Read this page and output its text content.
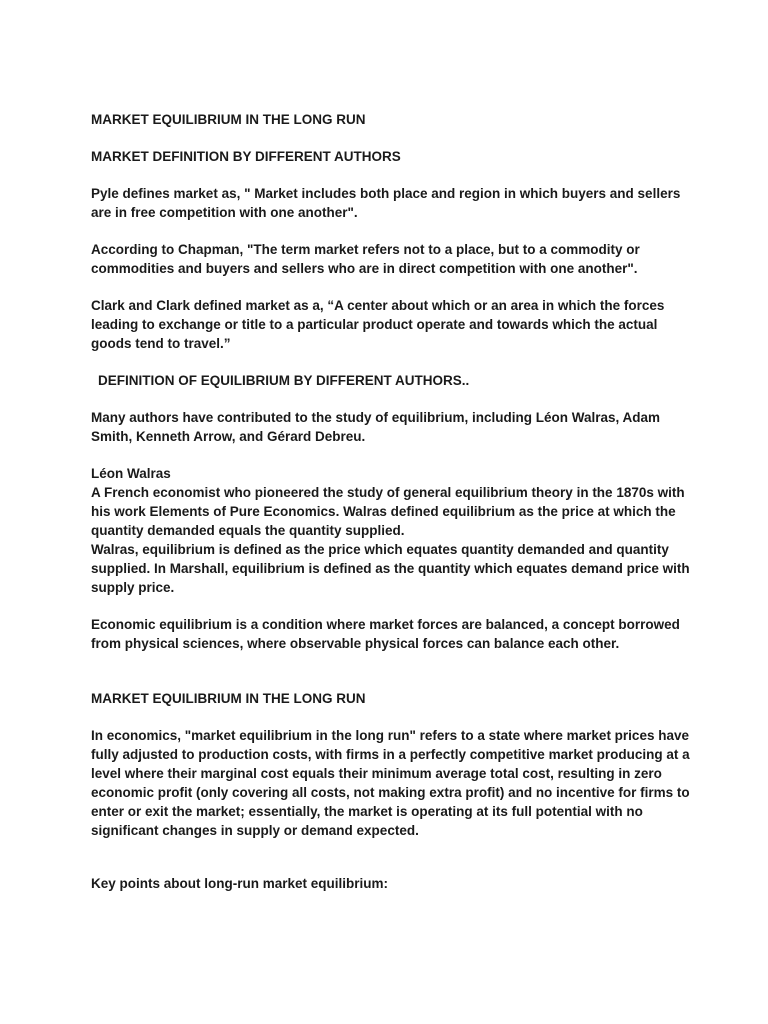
MARKET EQUILIBRIUM IN THE LONG RUN

MARKET DEFINITION BY DIFFERENT AUTHORS

Pyle defines market as, " Market includes both place and region in which buyers and sellers are in free competition with one another".

According to Chapman, "The term market refers not to a place, but to a commodity or commodities and buyers and sellers who are in direct competition with one another".

Clark and Clark defined market as a, “A center about which or an area in which the forces leading to exchange or title to a particular product operate and towards which the actual goods tend to travel.”

DEFINITION OF EQUILIBRIUM BY DIFFERENT AUTHORS..

Many authors have contributed to the study of equilibrium, including Léon Walras, Adam Smith, Kenneth Arrow, and Gérard Debreu.

Léon Walras

A French economist who pioneered the study of general equilibrium theory in the 1870s with his work Elements of Pure Economics. Walras defined equilibrium as the price at which the quantity demanded equals the quantity supplied.

Walras, equilibrium is defined as the price which equates quantity demanded and quantity supplied. In Marshall, equilibrium is defined as the quantity which equates demand price with supply price.

Economic equilibrium is a condition where market forces are balanced, a concept borrowed from physical sciences, where observable physical forces can balance each other.

MARKET EQUILIBRIUM IN THE LONG RUN

In economics, "market equilibrium in the long run" refers to a state where market prices have fully adjusted to production costs, with firms in a perfectly competitive market producing at a level where their marginal cost equals their minimum average total cost, resulting in zero economic profit (only covering all costs, not making extra profit) and no incentive for firms to enter or exit the market; essentially, the market is operating at its full potential with no significant changes in supply or demand expected.

Key points about long-run market equilibrium:
